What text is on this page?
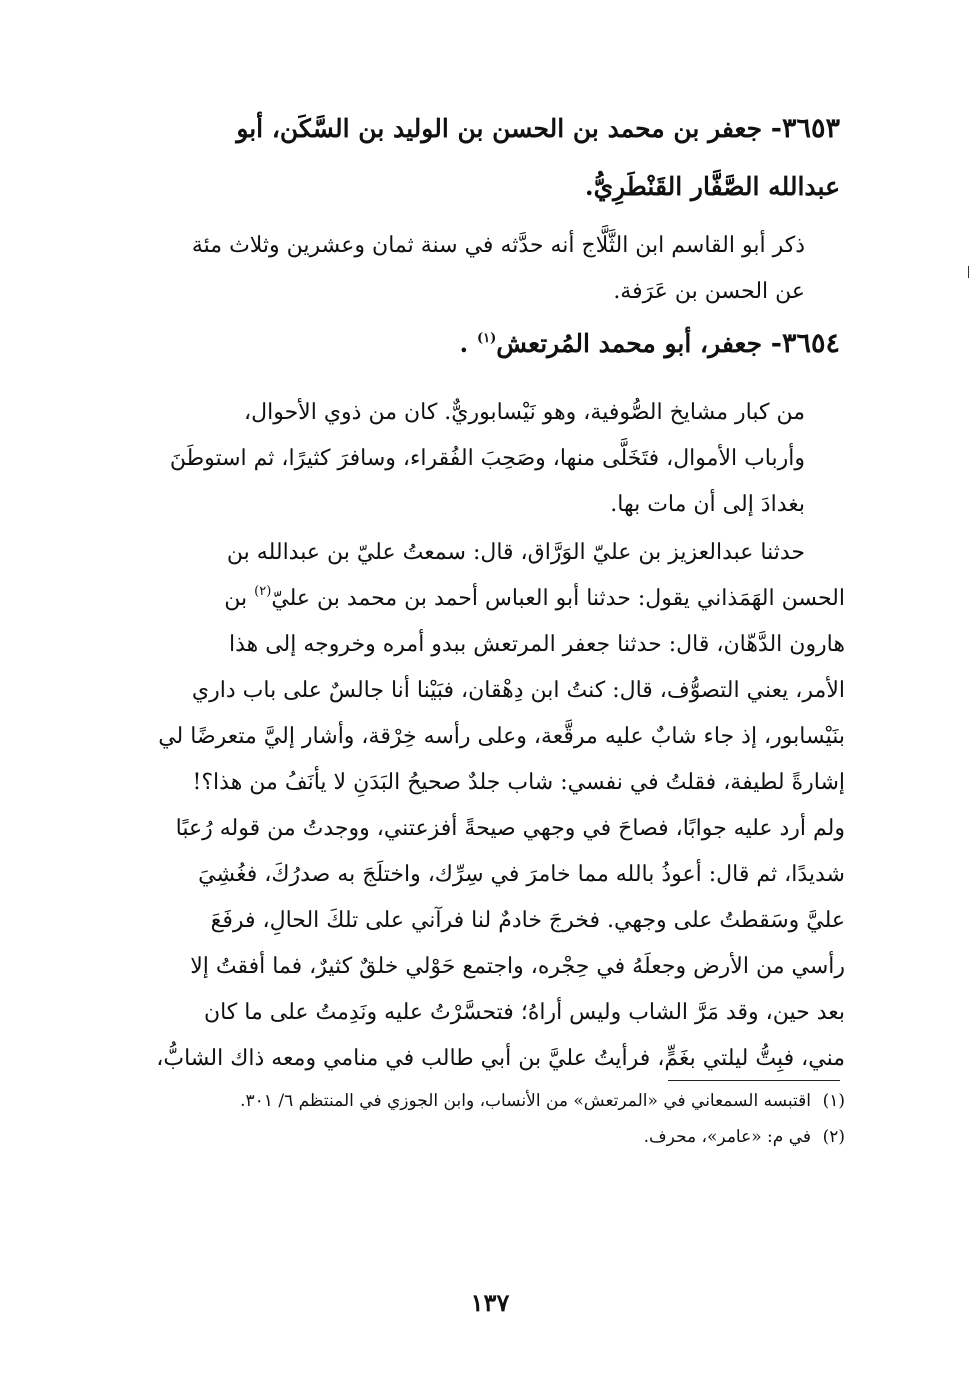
٣٦٥٣- جعفر بن محمد بن الحسن بن الوليد بن السَّكَن، أبو
عبدالله الصَّفَّار القَنْطَرِيُّ.
ذكر أبو القاسم ابن الثَّلَّاج أنه حدَّثه في سنة ثمان وعشرين وثلاث مئة
عن الحسن بن عَرَفة.
٣٦٥٤- جعفر، أبو محمد المُرتعش$^{(١)}$ .
من كبار مشايخ الصُّوفية، وهو نَيْسابوريٌّ. كان من ذوي الأحوال،
وأرباب الأموال، فتَخَلَّى منها، وصَحِبَ الفُقراء، وسافرَ كثيرًا، ثم استوطَنَ
بغدادَ إلى أن مات بها.
حدثنا عبدالعزيز بن عليّ الوَرَّاق، قال: سمعتُ عليّ بن عبدالله بن
الحسن الهَمَذاني يقول: حدثنا أبو العباس أحمد بن محمد بن عليّ$^{(٢)}$ بن
هارون الدَّهّان، قال: حدثنا جعفر المرتعش ببدو أمره وخروجه إلى هذا
الأمر، يعني التصوُّف، قال: كنتُ ابن دِهْقان، فبَيْنا أنا جالسٌ على باب داري
بنَيْسابور، إذ جاء شابٌ عليه مرقَّعة، وعلى رأسه خِرْقة، وأشار إليَّ متعرضًا لي
إشارةً لطيفة، فقلتُ في نفسي: شاب جلدٌ صحيحُ البَدَنِ لا يأنَفُ من هذا؟!
ولم أرد عليه جوابًا، فصاحَ في وجهي صيحةً أفزعتني، ووجدتُ من قوله رُعبًا
شديدًا، ثم قال: أعوذُ بالله مما خامرَ في سِرِّك، واختلَجَ به صدرُكَ، فغُشِيَ
عليَّ وسَقطتُ على وجهي. فخرجَ خادمٌ لنا فرآني على تلكَ الحالِ، فرفَعَ
رأسي من الأرض وجعلَهُ في حِجْره، واجتمع حَوْلي خلقٌ كثيرٌ، فما أفقتُ إلا
بعد حين، وقد مَرَّ الشاب وليس أراهُ؛ فتحسَّرْتُ عليه ونَدِمتُ على ما كان
مني، فبِتُّ ليلتي بغَمٍّ، فرأيتُ عليَّ بن أبي طالب في منامي ومعه ذاك الشابُّ،
(١)اقتبسه السمعاني في «المرتعش» من الأنساب، وابن الجوزي في المنتظم ٦/ ٣٠١.
(٢)في م: «عامر»، محرف.
١٣٧
